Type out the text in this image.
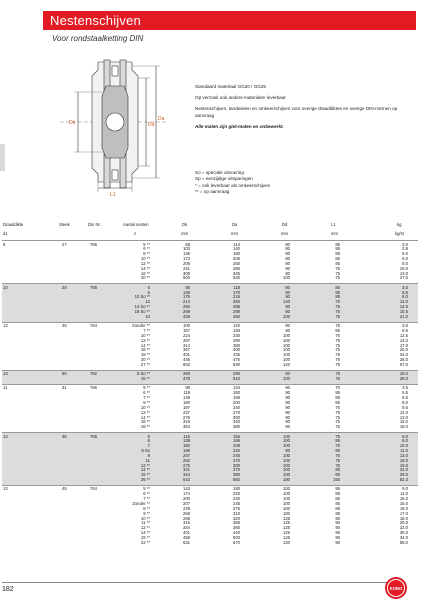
Nestenschijven
Voor rondstaalketting DIN
Dk	Dd
Da
L1
Standaard materiaal GG20 / GG25
Op verzoek ook andere materialen leverbaar
Nestenschijven, tandwielen en omkeerschijven voor overige draaddiktes en overige DIN-normen op aanvraag
Alle maten zijn giet-maten en onbewerkt.
So = speciale uitvoering
Sp = eenzijdige uitsparingen
* = ook leverbaar als omkeerschijven
** = op aanvraag
Draaddikte	Steek	Din Nr.	Aantal nesten	Dk	Da	Dd	L1	kg
d1	z	mm	mm	mm	mm	kg/st
9	27	766	5 **	68	114	80	85	3.0
6 **	103	140	80	85	3.8
8 **	136	180	80	85	5.0
10 **	173	205	80	85	6.0
12 **	206	250	80	85	8.0
14 **	241	286	80	75	10.0
16 **	308	345	80	75	13.0
20 **	500	540	100	75	27.0
10	28	766	5	80	118	80	85	3.0
6	146	170	80	85	6.5
10 So **	176	215	90	85	8.0
12	214	250	140	75	14.0
14 So **	250	286	90	75	14.5
16 So **	269	298	80	75	15.5
24	428	450	100	75	21.0
13	35	764	Zonder **	100	120	80	75	3.0
7 **	157	193	80	85	6.5
10 **	224	230	100	75	12.5
12 **	267	290	100	75	13.0
14 **	314	380	100	75	17.0
16 **	367	400	100	75	20.0
18 **	401	435	100	75	24.0
20 **	445	475	100	75	28.0
27 **	602	630	120	75	57.0
13	50	762	8 So **	268	290	80	75	16.0
15 **	478	510	100	75	29.0
11	31	766	5 **	99	134	90	70	3.5
6 **	119	150	90	85	5.5
7 **	138	168	90	85	6.5
8 **	160	200	90	85	8.0
10 **	197	240	90	75	9.5
12 **	237	270	90	75	12.0
14 **	276	300	90	75	13.0
16 **	316	340	90	75	15.0
18 **	354	380	90	75	19.0
13	36	766	5	115	155	100	75	5.0
6	138	186	100	85	8.0
7	160	208	100	75	10.0
8 So	186	220	80	80	11.0
9	207	245	100	75	13.0
11	252	270	100	75	15.0
12 **	275	300	100	75	19.0
14 **	321	370	100	80	24.0
15 **	344	380	100	80	26.0
26 **	642	682	180	155	82.3
13	45	764	5 **	143	180	100	85	9.0
6 **	174	220	100	85	11.0
7 **	200	240	100	85	15.0
Zonder **	207	245	100	85	15.0
8 **	229	275	100	85	16.0
9 **	258	310	100	85	17.0
10 **	288	320	125	90	18.0
11 **	316	356	125	90	20.0
12 **	344	380	125	90	22.0
14 **	401	440	125	90	30.0
15 **	458	500	125	90	34.0
22 **	631	670	140	90	58.0
182	KOBO
